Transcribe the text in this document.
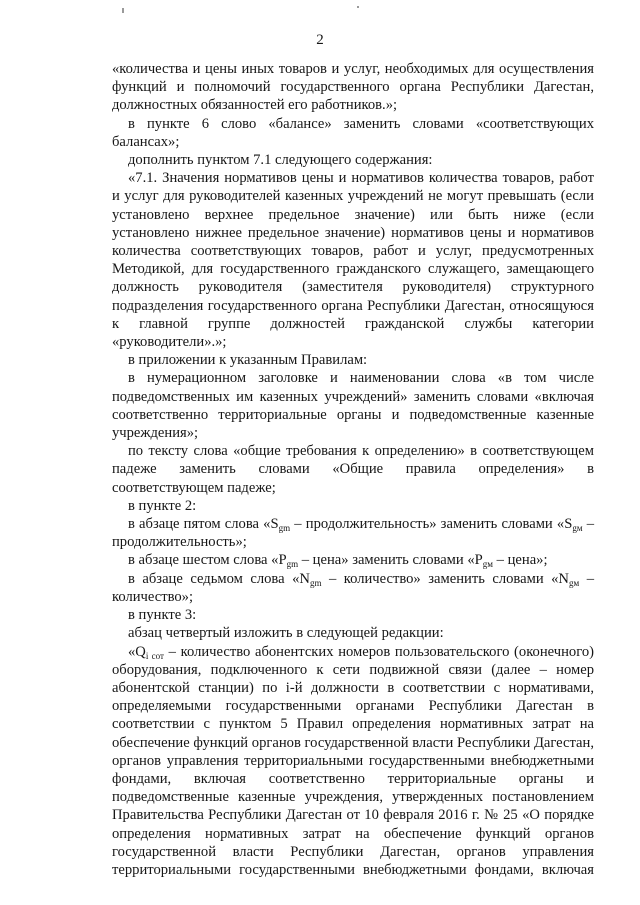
2

«количества и цены иных товаров и услуг, необходимых для осуществления функций и полномочий государственного органа Республики Дагестан, должностных обязанностей его работников.»;

в пункте 6 слово «балансе» заменить словами «соответствующих балансах»;

дополнить пунктом 7.1 следующего содержания:

«7.1. Значения нормативов цены и нормативов количества товаров, работ и услуг для руководителей казенных учреждений не могут превышать (если установлено верхнее предельное значение) или быть ниже (если установлено нижнее предельное значение) нормативов цены и нормативов количества соответствующих товаров, работ и услуг, предусмотренных Методикой, для государственного гражданского служащего, замещающего должность руководителя (заместителя руководителя) структурного подразделения государственного органа Республики Дагестан, относящуюся к главной группе должностей гражданской службы категории «руководители».»;

в приложении к указанным Правилам:

в нумерационном заголовке и наименовании слова «в том числе подведомственных им казенных учреждений» заменить словами «включая соответственно территориальные органы и подведомственные казенные учреждения»;

по тексту слова «общие требования к определению» в соответствующем падеже заменить словами «Общие правила определения» в соответствующем падеже;

в пункте 2:

в абзаце пятом слова «$S_{gm}$ – продолжительность» заменить словами «$S_{gм}$ – продолжительность»;

в абзаце шестом слова «$P_{gm}$ – цена» заменить словами «$P_{gм}$ – цена»;

в абзаце седьмом слова «$N_{gm}$ – количество» заменить словами «$N_{gм}$ – количество»;

в пункте 3:

абзац четвертый изложить в следующей редакции:

«$Q_{i сот}$ – количество абонентских номеров пользовательского (оконечного) оборудования, подключенного к сети подвижной связи (далее – номер абонентской станции) по i-й должности в соответствии с нормативами, определяемыми государственными органами Республики Дагестан в соответствии с пунктом 5 Правил определения нормативных затрат на обеспечение функций органов государственной власти Республики Дагестан, органов управления территориальными государственными внебюджетными фондами, включая соответственно территориальные органы и подведомственные казенные учреждения, утвержденных постановлением Правительства Республики Дагестан от 10 февраля 2016 г. № 25 «О порядке определения нормативных затрат на обеспечение функций органов государственной власти Республики Дагестан, органов управления территориальными государственными внебюджетными фондами, включая
